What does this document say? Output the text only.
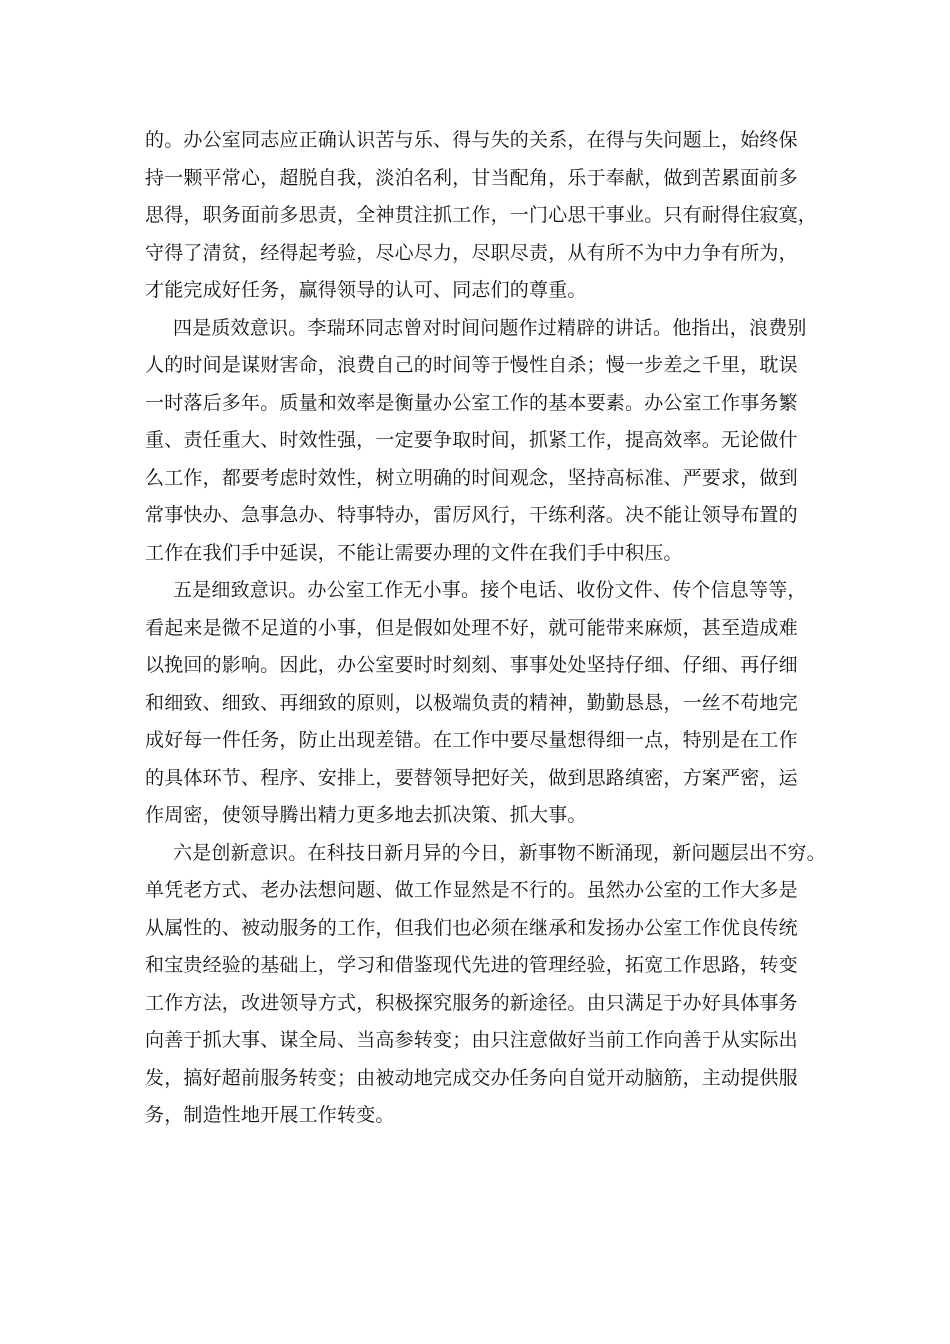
的。办公室同志应正确认识苦与乐、得与失的关系，在得与失问题上，始终保
持一颗平常心，超脱自我，淡泊名利，甘当配角，乐于奉献，做到苦累面前多
思得，职务面前多思责，全神贯注抓工作，一门心思干事业。只有耐得住寂寞，
守得了清贫，经得起考验，尽心尽力，尽职尽责，从有所不为中力争有所为，
才能完成好任务，赢得领导的认可、同志们的尊重。
四是质效意识。李瑞环同志曾对时间问题作过精辟的讲话。他指出，浪费别
人的时间是谋财害命，浪费自己的时间等于慢性自杀；慢一步差之千里，耽误
一时落后多年。质量和效率是衡量办公室工作的基本要素。办公室工作事务繁
重、责任重大、时效性强，一定要争取时间，抓紧工作，提高效率。无论做什
么工作，都要考虑时效性，树立明确的时间观念，坚持高标准、严要求，做到
常事快办、急事急办、特事特办，雷厉风行，干练利落。决不能让领导布置的
工作在我们手中延误，不能让需要办理的文件在我们手中积压。
五是细致意识。办公室工作无小事。接个电话、收份文件、传个信息等等，
看起来是微不足道的小事，但是假如处理不好，就可能带来麻烦，甚至造成难
以挽回的影响。因此，办公室要时时刻刻、事事处处坚持仔细、仔细、再仔细
和细致、细致、再细致的原则，以极端负责的精神，勤勤恳恳，一丝不苟地完
成好每一件任务，防止出现差错。在工作中要尽量想得细一点，特别是在工作
的具体环节、程序、安排上，要替领导把好关，做到思路缜密，方案严密，运
作周密，使领导腾出精力更多地去抓决策、抓大事。
六是创新意识。在科技日新月异的今日，新事物不断涌现，新问题层出不穷。
单凭老方式、老办法想问题、做工作显然是不行的。虽然办公室的工作大多是
从属性的、被动服务的工作，但我们也必须在继承和发扬办公室工作优良传统
和宝贵经验的基础上，学习和借鉴现代先进的管理经验，拓宽工作思路，转变
工作方法，改进领导方式，积极探究服务的新途径。由只满足于办好具体事务
向善于抓大事、谋全局、当高参转变；由只注意做好当前工作向善于从实际出
发，搞好超前服务转变；由被动地完成交办任务向自觉开动脑筋，主动提供服
务，制造性地开展工作转变。
